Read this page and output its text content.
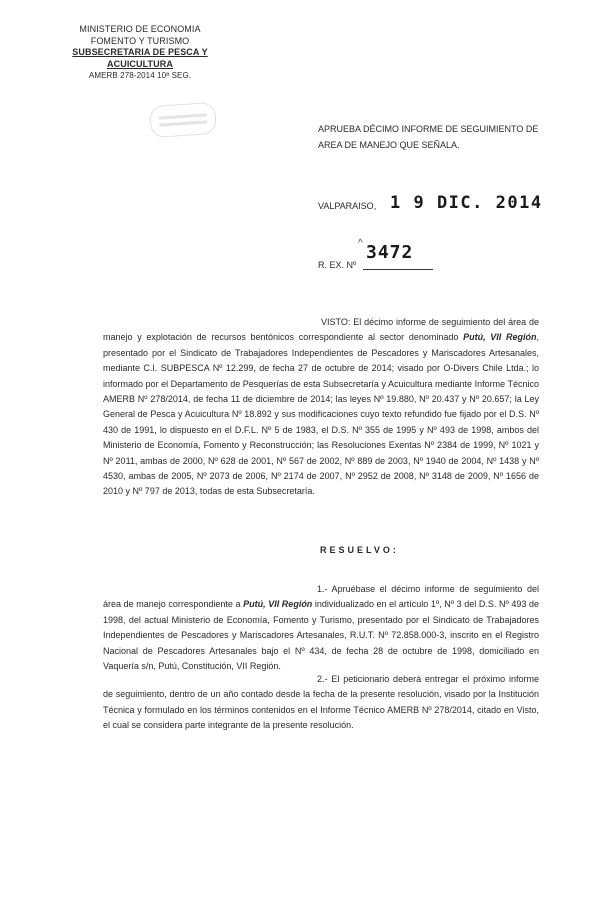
MINISTERIO DE ECONOMIA
FOMENTO Y TURISMO
SUBSECRETARIA DE PESCA Y ACUICULTURA
AMERB 278-2014 10ª SEG.
APRUEBA DÉCIMO INFORME DE SEGUIMIENTO DE AREA DE MANEJO QUE SEÑALA.
VALPARAISO, 1 9 DIC. 2014
^ 3472
R. EX. Nº
VISTO: El décimo informe de seguimiento del área de manejo y explotación de recursos bentónicos correspondiente al sector denominado Putú, VII Región, presentado por el Sindicato de Trabajadores Independientes de Pescadores y Mariscadores Artesanales, mediante C.I. SUBPESCA Nº 12.299, de fecha 27 de octubre de 2014; visado por O-Divers Chile Ltda.; lo informado por el Departamento de Pesquerías de esta Subsecretaría y Acuicultura mediante Informe Técnico AMERB Nº 278/2014, de fecha 11 de diciembre de 2014; las leyes Nº 19.880, Nº 20.437 y Nº 20.657; la Ley General de Pesca y Acuicultura Nº 18.892 y sus modificaciones cuyo texto refundido fue fijado por el D.S. Nº 430 de 1991, lo dispuesto en el D.F.L. Nº 5 de 1983, el D.S. Nº 355 de 1995 y Nº 493 de 1998, ambos del Ministerio de Economía, Fomento y Reconstrucción; las Resoluciones Exentas Nº 2384 de 1999, Nº 1021 y Nº 2011, ambas de 2000, Nº 628 de 2001, Nº 567 de 2002, Nº 889 de 2003, Nº 1940 de 2004, Nº 1438 y Nº 4530, ambas de 2005, Nº 2073 de 2006, Nº 2174 de 2007, Nº 2952 de 2008, Nº 3148 de 2009, Nº 1656 de 2010 y Nº 797 de 2013, todas de esta Subsecretaría.
RESUELVO:
1.- Apruébase el décimo informe de seguimiento del área de manejo correspondiente a Putú, VII Región individualizado en el artículo 1º, Nº 3 del D.S. Nº 493 de 1998, del actual Ministerio de Economía, Fomento y Turismo, presentado por el Sindicato de Trabajadores Independientes de Pescadores y Mariscadores Artesanales, R.U.T. Nº 72.858.000-3, inscrito en el Registro Nacional de Pescadores Artesanales bajo el Nº 434, de fecha 28 de octubre de 1998, domiciliado en Vaquería s/n, Putú, Constitución, VII Región.
2.- El peticionario deberá entregar el próximo informe de seguimiento, dentro de un año contado desde la fecha de la presente resolución, visado por la Institución Técnica y formulado en los términos contenidos en el Informe Técnico AMERB Nº 278/2014, citado en Visto, el cual se considera parte integrante de la presente resolución.
